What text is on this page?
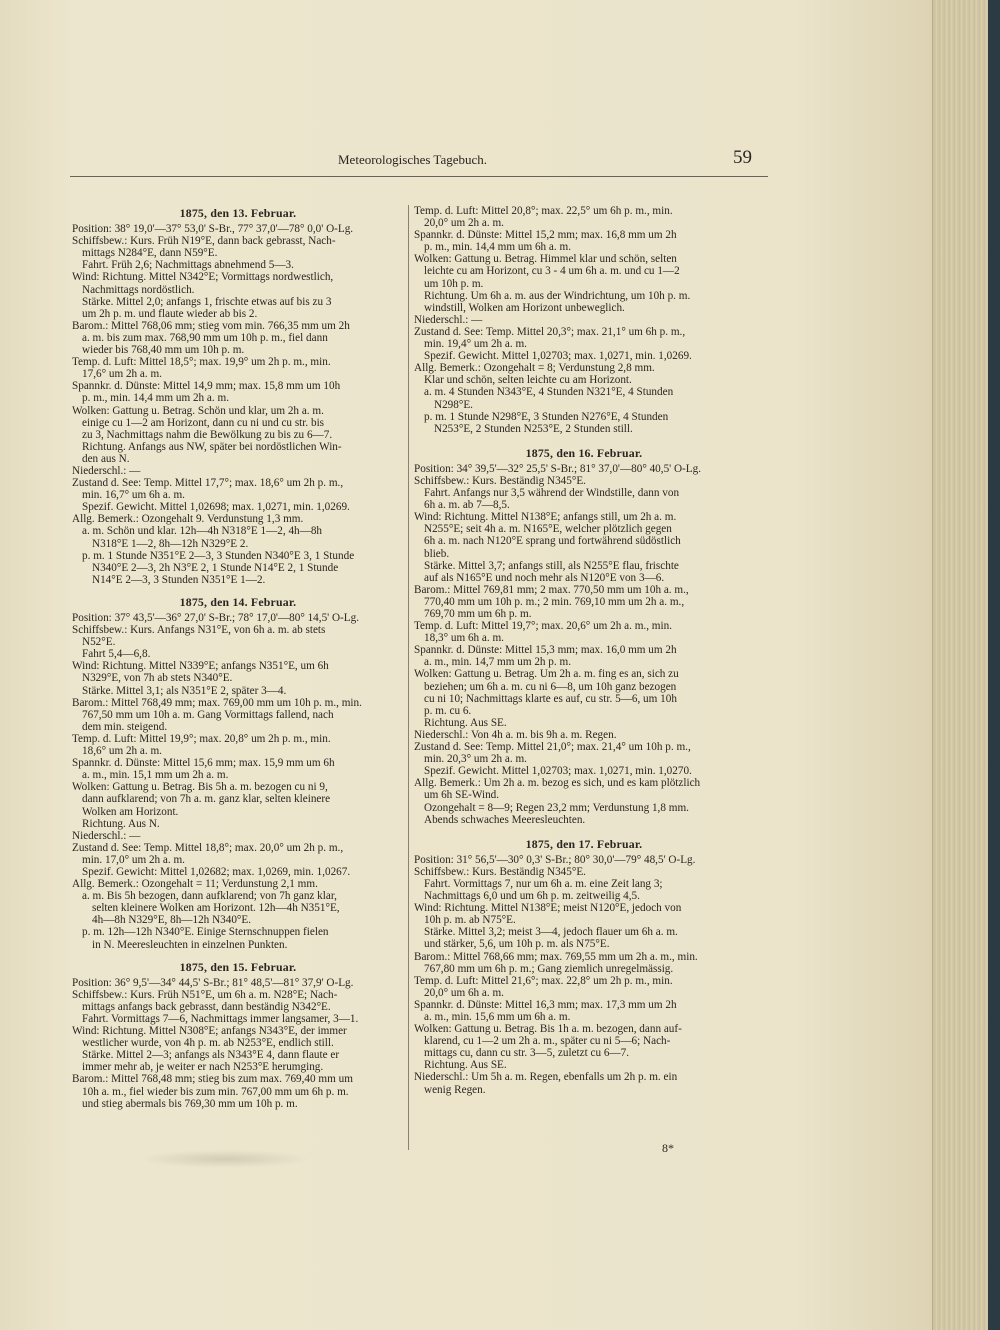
Meteorologisches Tagebuch.	59
1875, den 13. Februar.
Position: 38° 19,0'—37° 53,0' S-Br., 77° 37,0'—78° 0,0' O-Lg.
Schiffsbew.: Kurs. Früh N19°E, dann back gebrasst, Nach-
mittags N284°E, dann N59°E.
Fahrt. Früh 2,6; Nachmittags abnehmend 5—3.
Wind: Richtung. Mittel N342°E; Vormittags nordwestlich,
Nachmittags nordöstlich.
Stärke. Mittel 2,0; anfangs 1, frischte etwas auf bis zu 3
um 2h p. m. und flaute wieder ab bis 2.
Barom.: Mittel 768,06 mm; stieg vom min. 766,35 mm um 2h
a. m. bis zum max. 768,90 mm um 10h p. m., fiel dann
wieder bis 768,40 mm um 10h p. m.
Temp. d. Luft: Mittel 18,5°; max. 19,9° um 2h p. m., min.
17,6° um 2h a. m.
Spannkr. d. Dünste: Mittel 14,9 mm; max. 15,8 mm um 10h
p. m., min. 14,4 mm um 2h a. m.
Wolken: Gattung u. Betrag. Schön und klar, um 2h a. m.
einige cu 1—2 am Horizont, dann cu ni und cu str. bis
zu 3, Nachmittags nahm die Bewölkung zu bis zu 6—7.
Richtung. Anfangs aus NW, später bei nordöstlichen Win-
den aus N.
Niederschl.: —
Zustand d. See: Temp. Mittel 17,7°; max. 18,6° um 2h p. m.,
min. 16,7° um 6h a. m.
Spezif. Gewicht. Mittel 1,02698; max. 1,0271, min. 1,0269.
Allg. Bemerk.: Ozongehalt 9. Verdunstung 1,3 mm.
a. m. Schön und klar. 12h—4h N318°E 1—2, 4h—8h
N318°E 1—2, 8h—12h N329°E 2.
p. m. 1 Stunde N351°E 2—3, 3 Stunden N340°E 3, 1 Stunde
N340°E 2—3, 2h N3°E 2, 1 Stunde N14°E 2, 1 Stunde
N14°E 2—3, 3 Stunden N351°E 1—2.
1875, den 14. Februar.
Position: 37° 43,5'—36° 27,0' S-Br.; 78° 17,0'—80° 14,5' O-Lg.
Schiffsbew.: Kurs. Anfangs N31°E, von 6h a. m. ab stets
N52°E.
Fahrt 5,4—6,8.
Wind: Richtung. Mittel N339°E; anfangs N351°E, um 6h
N329°E, von 7h ab stets N340°E.
Stärke. Mittel 3,1; als N351°E 2, später 3—4.
Barom.: Mittel 768,49 mm; max. 769,00 mm um 10h p. m., min.
767,50 mm um 10h a. m. Gang Vormittags fallend, nach
dem min. steigend.
Temp. d. Luft: Mittel 19,9°; max. 20,8° um 2h p. m., min.
18,6° um 2h a. m.
Spannkr. d. Dünste: Mittel 15,6 mm; max. 15,9 mm um 6h
a. m., min. 15,1 mm um 2h a. m.
Wolken: Gattung u. Betrag. Bis 5h a. m. bezogen cu ni 9,
dann aufklarend; von 7h a. m. ganz klar, selten kleinere
Wolken am Horizont.
Richtung. Aus N.
Niederschl.: —
Zustand d. See: Temp. Mittel 18,8°; max. 20,0° um 2h p. m.,
min. 17,0° um 2h a. m.
Spezif. Gewicht: Mittel 1,02682; max. 1,0269, min. 1,0267.
Allg. Bemerk.: Ozongehalt = 11; Verdunstung 2,1 mm.
a. m. Bis 5h bezogen, dann aufklarend; von 7h ganz klar,
selten kleinere Wolken am Horizont. 12h—4h N351°E,
4h—8h N329°E, 8h—12h N340°E.
p. m. 12h—12h N340°E. Einige Sternschnuppen fielen
in N. Meeresleuchten in einzelnen Punkten.
1875, den 15. Februar.
Position: 36° 9,5'—34° 44,5' S-Br.; 81° 48,5'—81° 37,9' O-Lg.
Schiffsbew.: Kurs. Früh N51°E, um 6h a. m. N28°E; Nach-
mittags anfangs back gebrasst, dann beständig N342°E.
Fahrt. Vormittags 7—6, Nachmittags immer langsamer, 3—1.
Wind: Richtung. Mittel N308°E; anfangs N343°E, der immer
westlicher wurde, von 4h p. m. ab N253°E, endlich still.
Stärke. Mittel 2—3; anfangs als N343°E 4, dann flaute er
immer mehr ab, je weiter er nach N253°E herumging.
Barom.: Mittel 768,48 mm; stieg bis zum max. 769,40 mm um
10h a. m., fiel wieder bis zum min. 767,00 mm um 6h p. m.
und stieg abermals bis 769,30 mm um 10h p. m.
Temp. d. Luft: Mittel 20,8°; max. 22,5° um 6h p. m., min.
20,0° um 2h a. m.
Spannkr. d. Dünste: Mittel 15,2 mm; max. 16,8 mm um 2h
p. m., min. 14,4 mm um 6h a. m.
Wolken: Gattung u. Betrag. Himmel klar und schön, selten
leichte cu am Horizont, cu 3 - 4 um 6h a. m. und cu 1—2
um 10h p. m.
Richtung. Um 6h a. m. aus der Windrichtung, um 10h p. m.
windstill, Wolken am Horizont unbeweglich.
Niederschl.: —
Zustand d. See: Temp. Mittel 20,3°; max. 21,1° um 6h p. m.,
min. 19,4° um 2h a. m.
Spezif. Gewicht. Mittel 1,02703; max. 1,0271, min. 1,0269.
Allg. Bemerk.: Ozongehalt = 8; Verdunstung 2,8 mm.
Klar und schön, selten leichte cu am Horizont.
a. m. 4 Stunden N343°E, 4 Stunden N321°E, 4 Stunden
N298°E.
p. m. 1 Stunde N298°E, 3 Stunden N276°E, 4 Stunden
N253°E, 2 Stunden N253°E, 2 Stunden still.
1875, den 16. Februar.
Position: 34° 39,5'—32° 25,5' S-Br.; 81° 37,0'—80° 40,5' O-Lg.
Schiffsbew.: Kurs. Beständig N345°E.
Fahrt. Anfangs nur 3,5 während der Windstille, dann von
6h a. m. ab 7—8,5.
Wind: Richtung. Mittel N138°E; anfangs still, um 2h a. m.
N255°E; seit 4h a. m. N165°E, welcher plötzlich gegen
6h a. m. nach N120°E sprang und fortwährend südöstlich
blieb.
Stärke. Mittel 3,7; anfangs still, als N255°E flau, frischte
auf als N165°E und noch mehr als N120°E von 3—6.
Barom.: Mittel 769,81 mm; 2 max. 770,50 mm um 10h a. m.,
770,40 mm um 10h p. m.; 2 min. 769,10 mm um 2h a. m.,
769,70 mm um 6h p. m.
Temp. d. Luft: Mittel 19,7°; max. 20,6° um 2h a. m., min.
18,3° um 6h a. m.
Spannkr. d. Dünste: Mittel 15,3 mm; max. 16,0 mm um 2h
a. m., min. 14,7 mm um 2h p. m.
Wolken: Gattung u. Betrag. Um 2h a. m. fing es an, sich zu
beziehen; um 6h a. m. cu ni 6—8, um 10h ganz bezogen
cu ni 10; Nachmittags klarte es auf, cu str. 5—6, um 10h
p. m. cu 6.
Richtung. Aus SE.
Niederschl.: Von 4h a. m. bis 9h a. m. Regen.
Zustand d. See: Temp. Mittel 21,0°; max. 21,4° um 10h p. m.,
min. 20,3° um 2h a. m.
Spezif. Gewicht. Mittel 1,02703; max. 1,0271, min. 1,0270.
Allg. Bemerk.: Um 2h a. m. bezog es sich, und es kam plötzlich
um 6h SE-Wind.
Ozongehalt = 8—9; Regen 23,2 mm; Verdunstung 1,8 mm.
Abends schwaches Meeresleuchten.
1875, den 17. Februar.
Position: 31° 56,5'—30° 0,3' S-Br.; 80° 30,0'—79° 48,5' O-Lg.
Schiffsbew.: Kurs. Beständig N345°E.
Fahrt. Vormittags 7, nur um 6h a. m. eine Zeit lang 3;
Nachmittags 6,0 und um 6h p. m. zeitweilig 4,5.
Wind: Richtung. Mittel N138°E; meist N120°E, jedoch von
10h p. m. ab N75°E.
Stärke. Mittel 3,2; meist 3—4, jedoch flauer um 6h a. m.
und stärker, 5,6, um 10h p. m. als N75°E.
Barom.: Mittel 768,66 mm; max. 769,55 mm um 2h a. m., min.
767,80 mm um 6h p. m.; Gang ziemlich unregelmässig.
Temp. d. Luft: Mittel 21,6°; max. 22,8° um 2h p. m., min.
20,0° um 6h a. m.
Spannkr. d. Dünste: Mittel 16,3 mm; max. 17,3 mm um 2h
a. m., min. 15,6 mm um 6h a. m.
Wolken: Gattung u. Betrag. Bis 1h a. m. bezogen, dann auf-
klarend, cu 1—2 um 2h a. m., später cu ni 5—6; Nach-
mittags cu, dann cu str. 3—5, zuletzt cu 6—7.
Richtung. Aus SE.
Niederschl.: Um 5h a. m. Regen, ebenfalls um 2h p. m. ein
wenig Regen.
8*
